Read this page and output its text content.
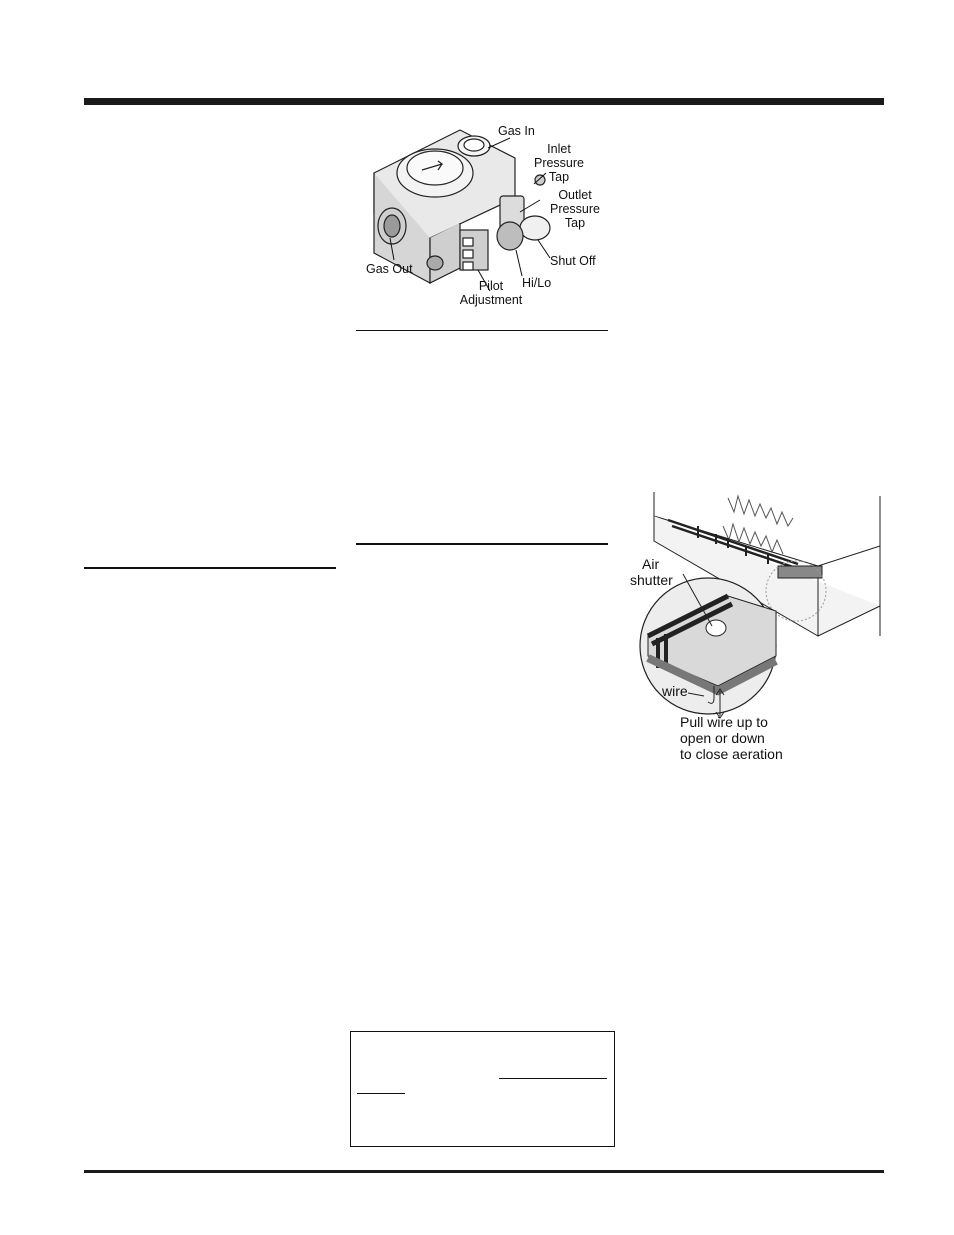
Gas In
Inlet
Pressure
Tap
Outlet
Pressure
Tap
Gas Out
Shut Off
Hi/Lo
Pilot
Adjustment
Air
shutter
wire
Pull wire up to
open or down
to close aeration
